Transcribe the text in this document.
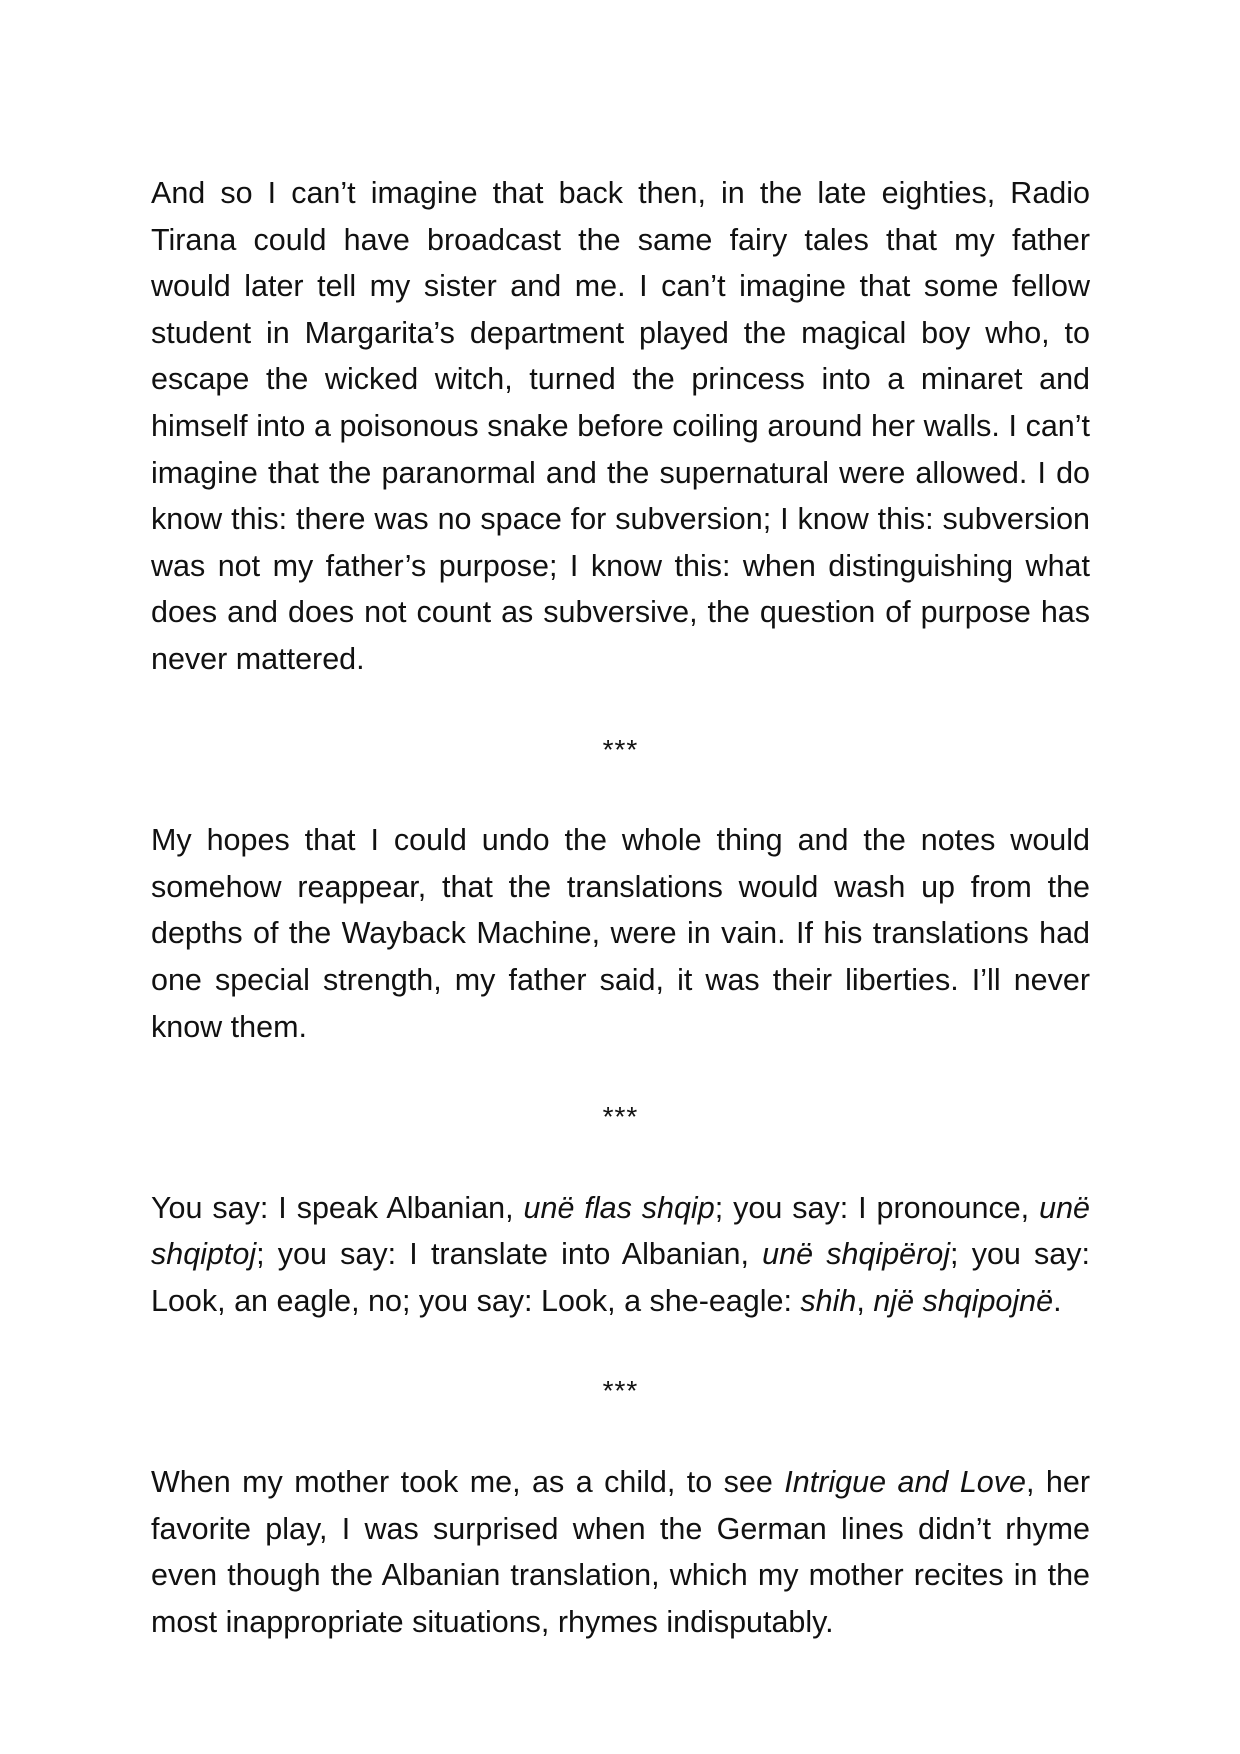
And so I can’t imagine that back then, in the late eighties, Radio Tirana could have broadcast the same fairy tales that my father would later tell my sister and me. I can’t imagine that some fellow student in Margarita’s department played the magical boy who, to escape the wicked witch, turned the princess into a minaret and himself into a poisonous snake before coiling around her walls. I can’t imagine that the paranormal and the supernatural were allowed. I do know this: there was no space for subversion; I know this: subversion was not my father’s purpose; I know this: when distinguishing what does and does not count as subversive, the question of purpose has never mattered.

***

My hopes that I could undo the whole thing and the notes would somehow reappear, that the translations would wash up from the depths of the Wayback Machine, were in vain. If his translations had one special strength, my father said, it was their liberties. I’ll never know them.

***

You say: I speak Albanian, unë flas shqip; you say: I pronounce, unë shqiptoj; you say: I translate into Albanian, unë shqipëroj; you say: Look, an eagle, no; you say: Look, a she-eagle: shih, një shqipojnë.

***

When my mother took me, as a child, to see Intrigue and Love, her favorite play, I was surprised when the German lines didn’t rhyme even though the Albanian translation, which my mother recites in the most inappropriate situations, rhymes indisputably.
